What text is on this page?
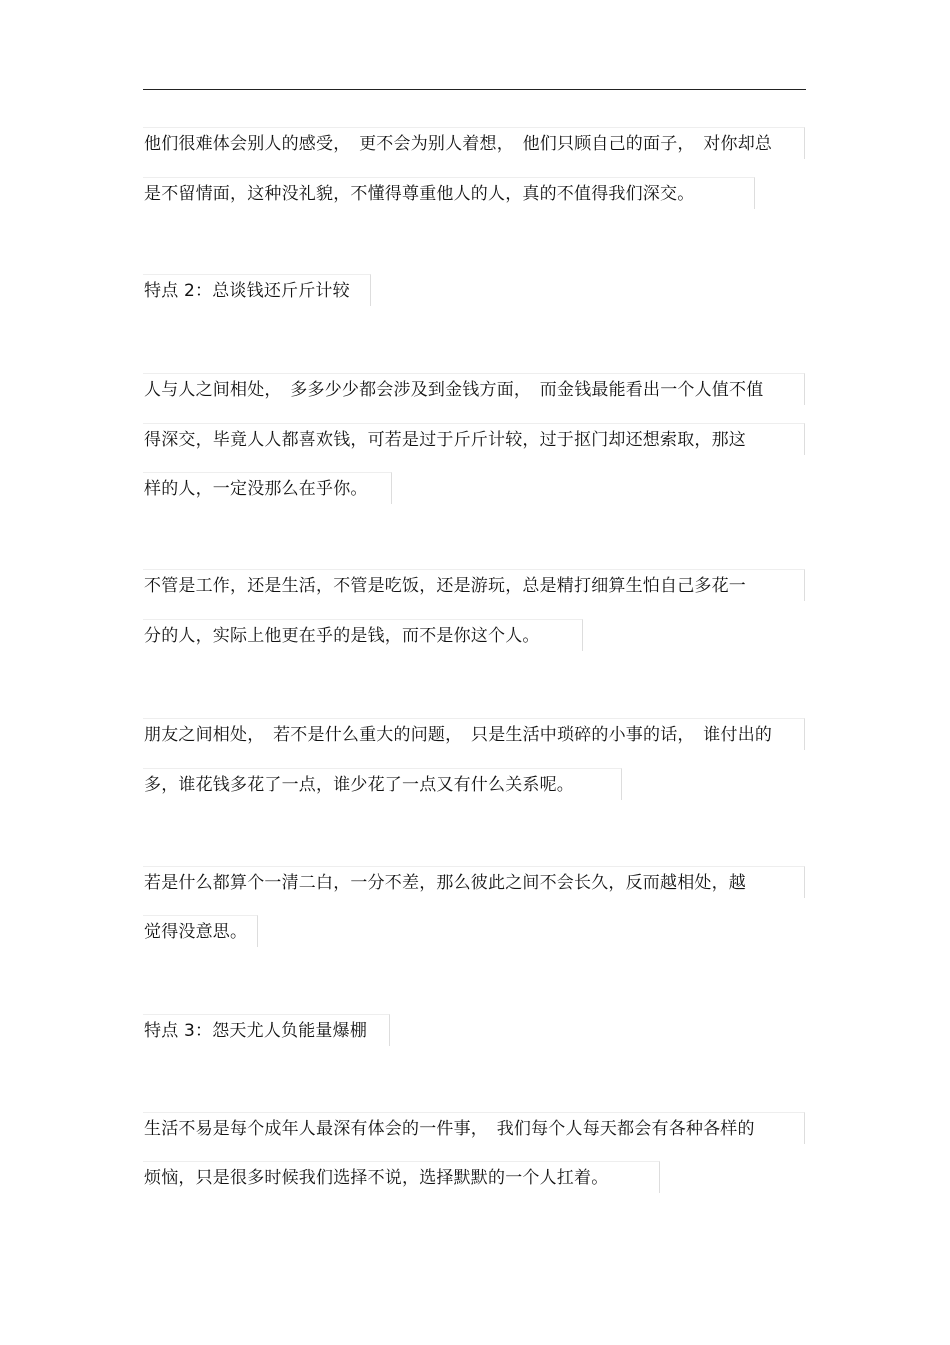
他们很难体会别人的感受，　更不会为别人着想，　他们只顾自己的面子，　对你却总
是不留情面，这种没礼貌，不懂得尊重他人的人，真的不值得我们深交。
特点 2：总谈钱还斤斤计较
人与人之间相处，　多多少少都会涉及到金钱方面，　而金钱最能看出一个人值不值
得深交，毕竟人人都喜欢钱，可若是过于斤斤计较，过于抠门却还想索取，那这
样的人，一定没那么在乎你。
不管是工作，还是生活，不管是吃饭，还是游玩，总是精打细算生怕自己多花一
分的人，实际上他更在乎的是钱，而不是你这个人。
朋友之间相处，　若不是什么重大的问题，　只是生活中琐碎的小事的话，　谁付出的
多，谁花钱多花了一点，谁少花了一点又有什么关系呢。
若是什么都算个一清二白，一分不差，那么彼此之间不会长久，反而越相处，越
觉得没意思。
特点 3：怨天尤人负能量爆棚
生活不易是每个成年人最深有体会的一件事，　我们每个人每天都会有各种各样的
烦恼，只是很多时候我们选择不说，选择默默的一个人扛着。
